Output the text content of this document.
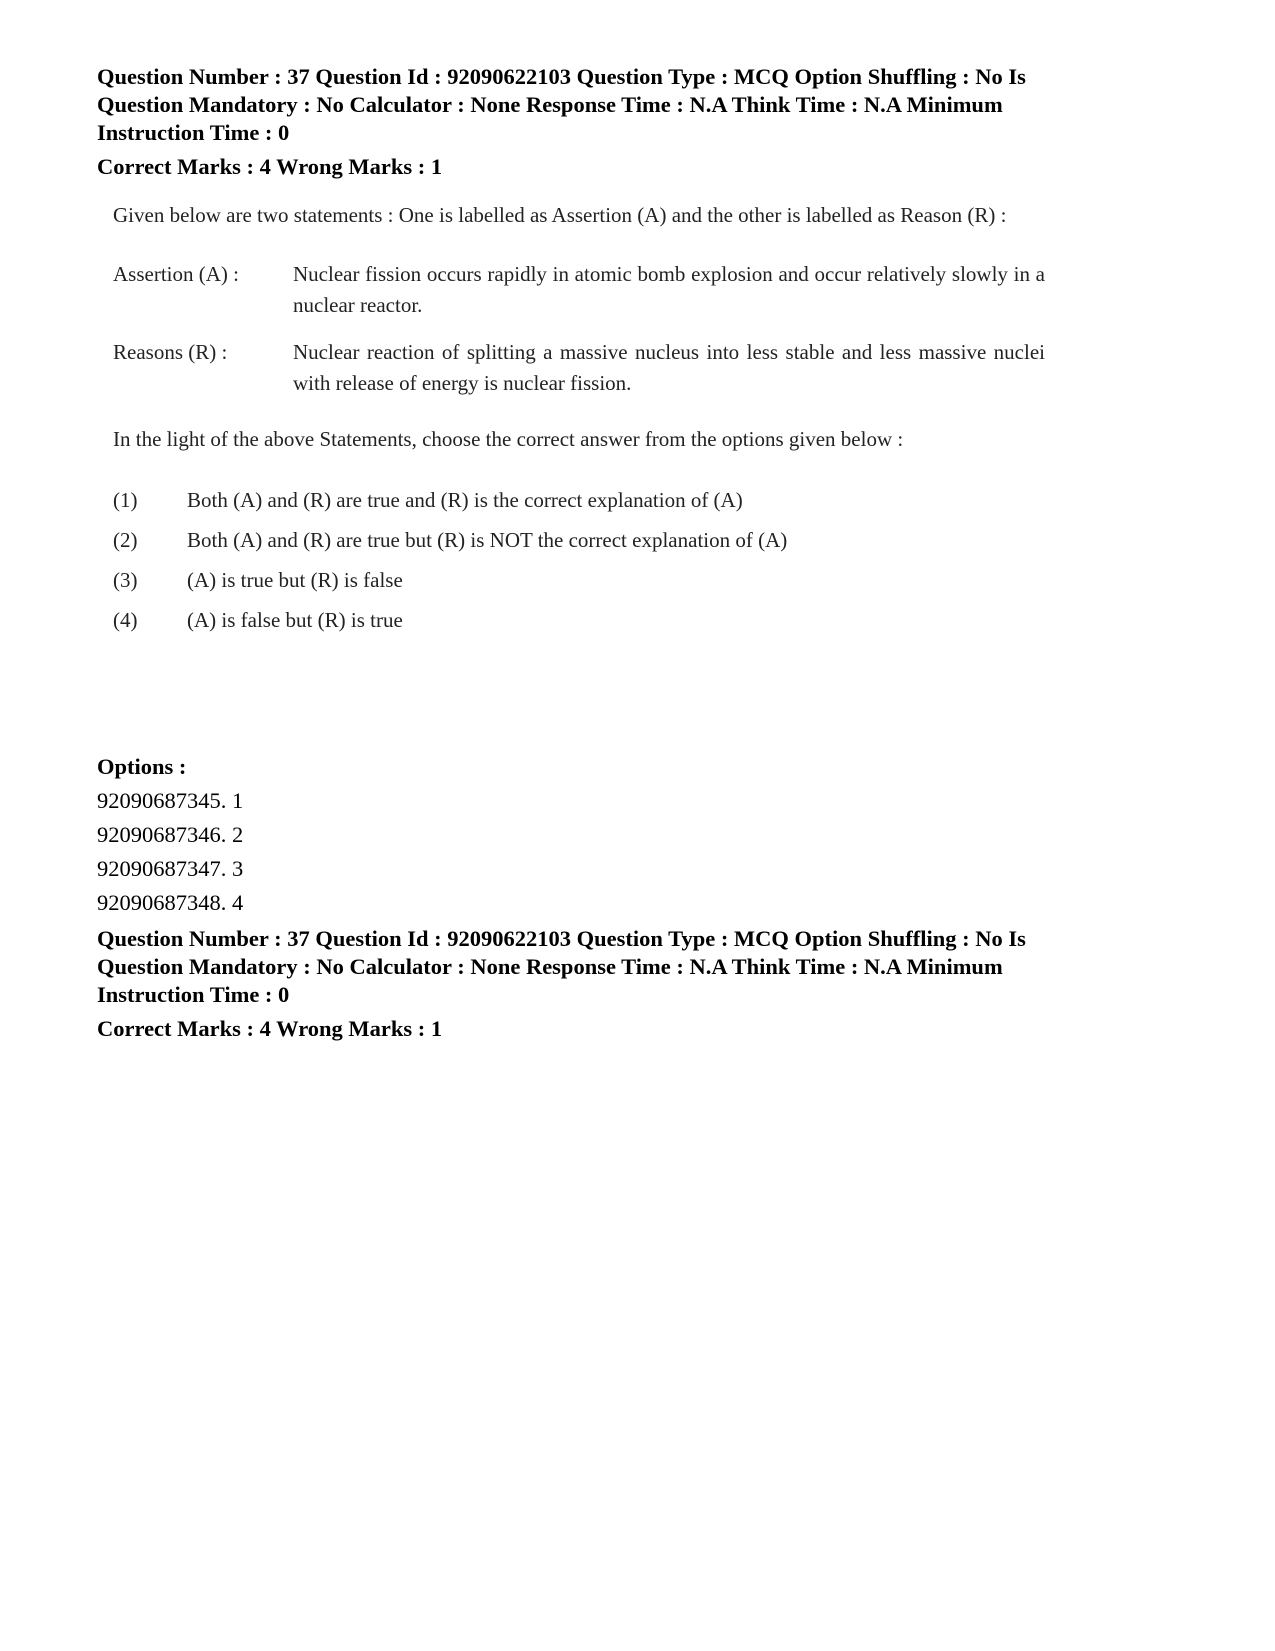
Question Number : 37 Question Id : 92090622103 Question Type : MCQ Option Shuffling : No Is
Question Mandatory : No Calculator : None Response Time : N.A Think Time : N.A Minimum
Instruction Time : 0
Correct Marks : 4 Wrong Marks : 1

Given below are two statements : One is labelled as Assertion (A) and the other is labelled as Reason (R) :

Assertion (A) :	Nuclear fission occurs rapidly in atomic bomb explosion and occur relatively slowly in a nuclear reactor.
Reasons (R) :	Nuclear reaction of splitting a massive nucleus into less stable and less massive nuclei with release of energy is nuclear fission.

In the light of the above Statements, choose the correct answer from the options given below :

(1)	Both (A) and (R) are true and (R) is the correct explanation of (A)
(2)	Both (A) and (R) are true but (R) is NOT the correct explanation of (A)
(3)	(A) is true but (R) is false
(4)	(A) is false but (R) is true
Options :
92090687345. 1
92090687346. 2
92090687347. 3
92090687348. 4
Question Number : 37 Question Id : 92090622103 Question Type : MCQ Option Shuffling : No Is
Question Mandatory : No Calculator : None Response Time : N.A Think Time : N.A Minimum
Instruction Time : 0
Correct Marks : 4 Wrong Marks : 1
